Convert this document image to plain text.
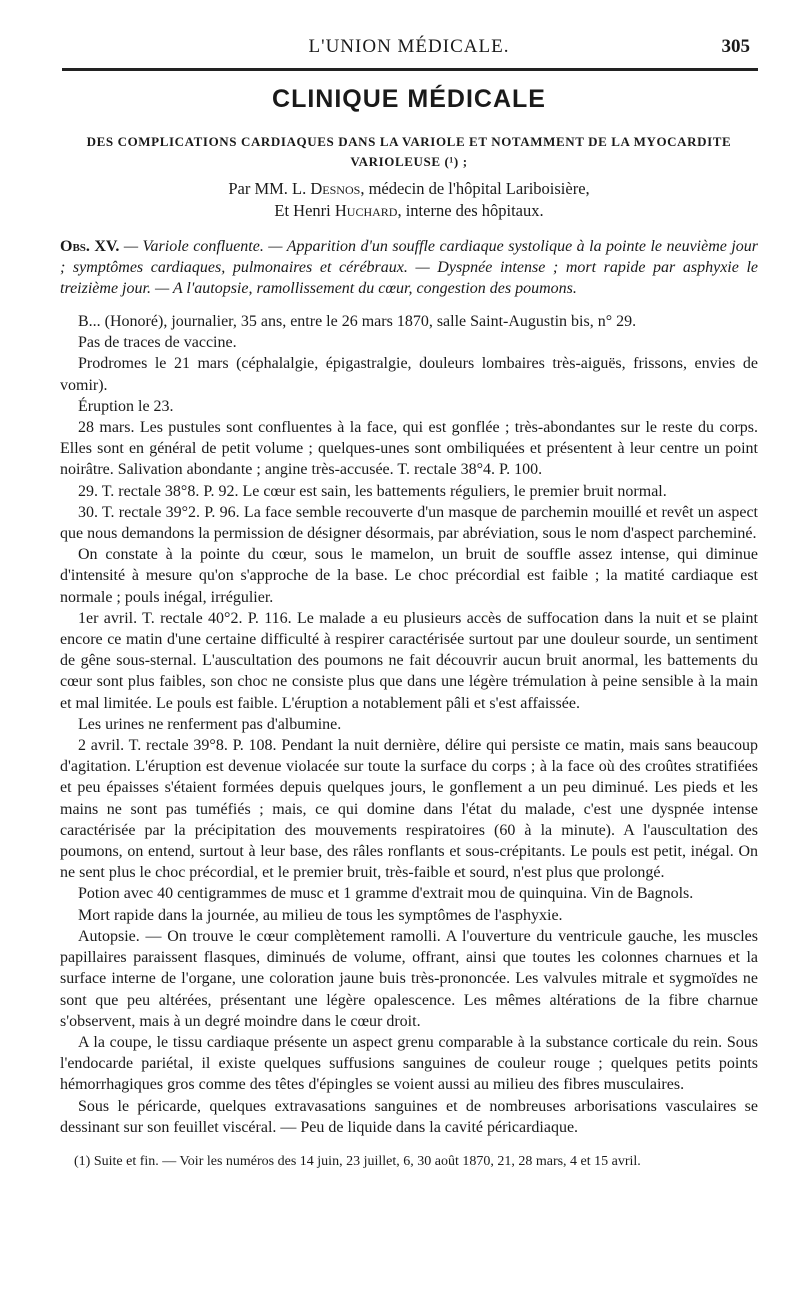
L'UNION MÉDICALE.	305
CLINIQUE MÉDICALE
DES COMPLICATIONS CARDIAQUES DANS LA VARIOLE ET NOTAMMENT DE LA MYOCARDITE VARIOLEUSE (¹) ;
Par MM. L. Desnos, médecin de l'hôpital Lariboisière,
Et Henri Huchard, interne des hôpitaux.
Obs. XV. — Variole confluente. — Apparition d'un souffle cardiaque systolique à la pointe le neuvième jour ; symptômes cardiaques, pulmonaires et cérébraux. — Dyspnée intense ; mort rapide par asphyxie le treizième jour. — A l'autopsie, ramollissement du cœur, congestion des poumons.

B... (Honoré), journalier, 35 ans, entre le 26 mars 1870, salle Saint-Augustin bis, n° 29.

Pas de traces de vaccine.

Prodromes le 21 mars (céphalalgie, épigastralgie, douleurs lombaires très-aiguës, frissons, envies de vomir).

Éruption le 23.

28 mars. Les pustules sont confluentes à la face, qui est gonflée ; très-abondantes sur le reste du corps. Elles sont en général de petit volume ; quelques-unes sont ombiliquées et présentent à leur centre un point noirâtre. Salivation abondante ; angine très-accusée. T. rectale 38°4. P. 100.

29. T. rectale 38°8. P. 92. Le cœur est sain, les battements réguliers, le premier bruit normal.

30. T. rectale 39°2. P. 96. La face semble recouverte d'un masque de parchemin mouillé et revêt un aspect que nous demandons la permission de désigner désormais, par abréviation, sous le nom d'aspect parcheminé.

On constate à la pointe du cœur, sous le mamelon, un bruit de souffle assez intense, qui diminue d'intensité à mesure qu'on s'approche de la base. Le choc précordial est faible ; la matité cardiaque est normale ; pouls inégal, irrégulier.

1er avril. T. rectale 40°2. P. 116. Le malade a eu plusieurs accès de suffocation dans la nuit et se plaint encore ce matin d'une certaine difficulté à respirer caractérisée surtout par une douleur sourde, un sentiment de gêne sous-sternal. L'auscultation des poumons ne fait découvrir aucun bruit anormal, les battements du cœur sont plus faibles, son choc ne consiste plus que dans une légère trémulation à peine sensible à la main et mal limitée. Le pouls est faible. L'éruption a notablement pâli et s'est affaissée.

Les urines ne renferment pas d'albumine.

2 avril. T. rectale 39°8. P. 108. Pendant la nuit dernière, délire qui persiste ce matin, mais sans beaucoup d'agitation. L'éruption est devenue violacée sur toute la surface du corps ; à la face où des croûtes stratifiées et peu épaisses s'étaient formées depuis quelques jours, le gonflement a un peu diminué. Les pieds et les mains ne sont pas tuméfiés ; mais, ce qui domine dans l'état du malade, c'est une dyspnée intense caractérisée par la précipitation des mouvements respiratoires (60 à la minute). A l'auscultation des poumons, on entend, surtout à leur base, des râles ronflants et sous-crépitants. Le pouls est petit, inégal. On ne sent plus le choc précordial, et le premier bruit, très-faible et sourd, n'est plus que prolongé.

Potion avec 40 centigrammes de musc et 1 gramme d'extrait mou de quinquina. Vin de Bagnols.

Mort rapide dans la journée, au milieu de tous les symptômes de l'asphyxie.

Autopsie. — On trouve le cœur complètement ramolli. A l'ouverture du ventricule gauche, les muscles papillaires paraissent flasques, diminués de volume, offrant, ainsi que toutes les colonnes charnues et la surface interne de l'organe, une coloration jaune buis très-prononcée. Les valvules mitrale et sygmoïdes ne sont que peu altérées, présentant une légère opalescence. Les mêmes altérations de la fibre charnue s'observent, mais à un degré moindre dans le cœur droit.

A la coupe, le tissu cardiaque présente un aspect grenu comparable à la substance corticale du rein. Sous l'endocarde pariétal, il existe quelques suffusions sanguines de couleur rouge ; quelques petits points hémorrhagiques gros comme des têtes d'épingles se voient aussi au milieu des fibres musculaires.

Sous le péricarde, quelques extravasations sanguines et de nombreuses arborisations vasculaires se dessinant sur son feuillet viscéral. — Peu de liquide dans la cavité péricardiaque.

(1) Suite et fin. — Voir les numéros des 14 juin, 23 juillet, 6, 30 août 1870, 21, 28 mars, 4 et 15 avril.
